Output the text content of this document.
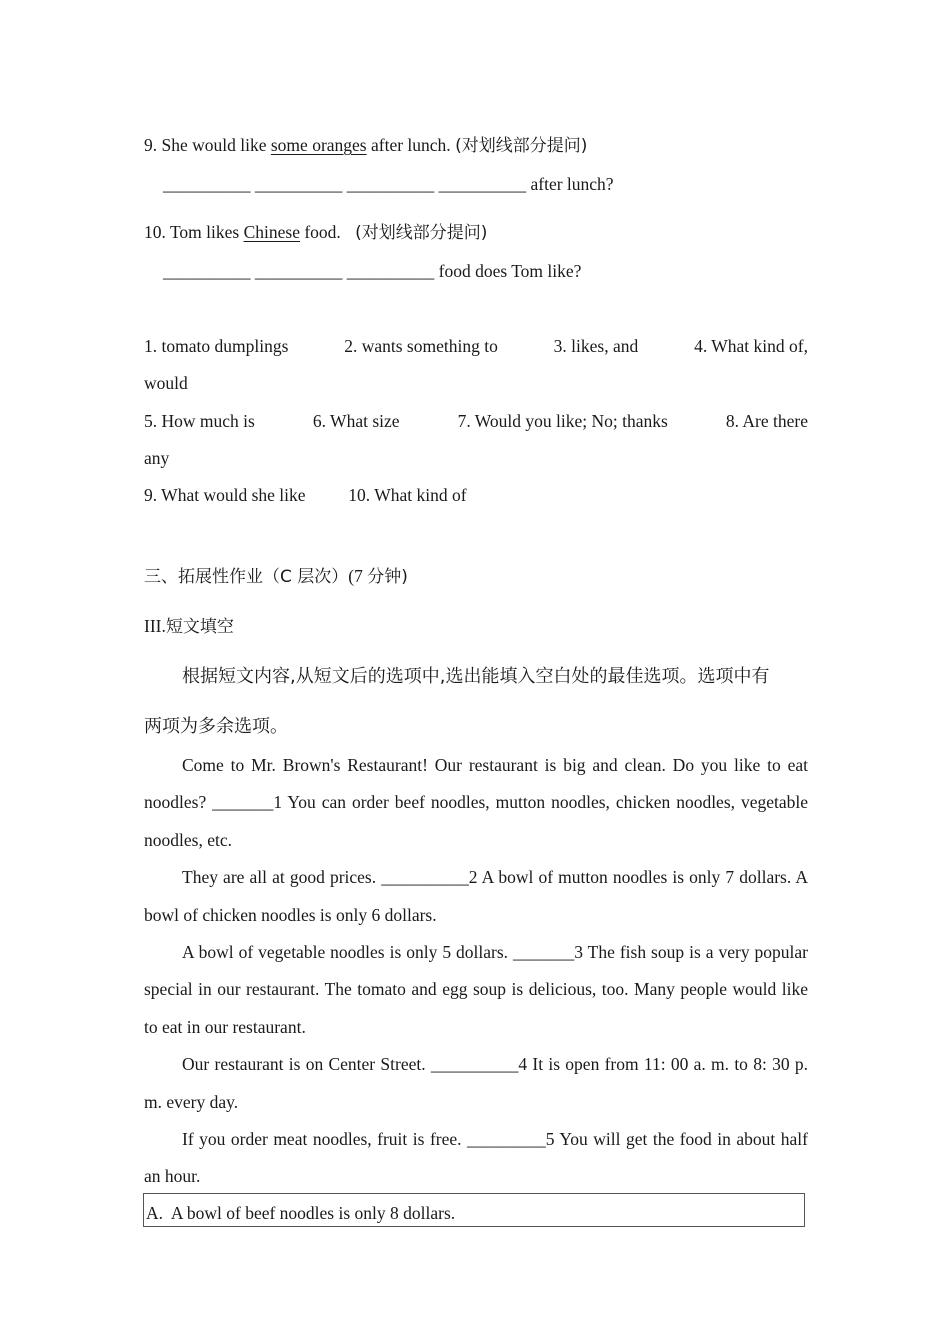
9. She would like some oranges after lunch. (对划线部分提问)
__________ __________ __________ __________ after lunch?
10. Tom likes Chinese food. (对划线部分提问)
__________ __________ __________ food does Tom like?
1. tomato dumplings	2. wants something to	3. likes, and	4. What kind of,
would
5. How much is	6. What size	7. Would you like; No; thanks	8. Are there
any
9. What would she like 10. What kind of
三、拓展性作业（C 层次）(7 分钟)
III.短文填空
根据短文内容,从短文后的选项中,选出能填入空白处的最佳选项。选项中有
两项为多余选项。
Come to Mr. Brown's Restaurant! Our restaurant is big and clean. Do you like to eat noodles? _______1 You can order beef noodles, mutton noodles, chicken noodles, vegetable noodles, etc.
They are all at good prices. __________2 A bowl of mutton noodles is only 7 dollars. A bowl of chicken noodles is only 6 dollars.
A bowl of vegetable noodles is only 5 dollars. _______3 The fish soup is a very popular special in our restaurant. The tomato and egg soup is delicious, too. Many people would like to eat in our restaurant.
Our restaurant is on Center Street. __________4 It is open from 11: 00 a. m. to 8: 30 p. m. every day.
If you order meat noodles, fruit is free. _________5 You will get the food in about half an hour.
A. A bowl of beef noodles is only 8 dollars.
